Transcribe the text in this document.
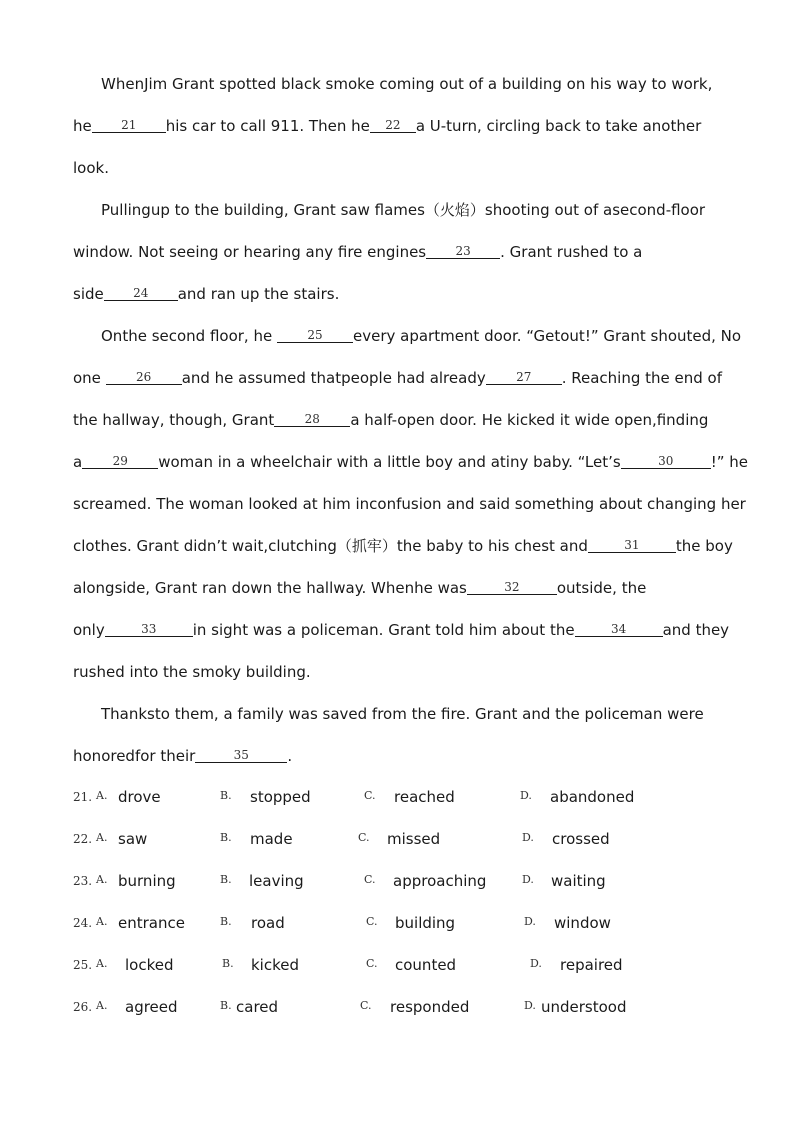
WhenJim Grant spotted black smoke coming out of a building on his way to work,
he 21 his car to call 911. Then he 22 a U-turn, circling back to take another
look.
Pullingup to the building, Grant saw flames（火焰）shooting out of asecond-floor
window. Not seeing or hearing any fire engines 23 . Grant rushed to a
side 24 and ran up the stairs.
Onthe second floor, he	25 every apartment door. “Getout!” Grant shouted, No
one	26 and he assumed thatpeople had already	27 . Reaching the end of
the hallway, though, Grant	28 a half-open door. He kicked it wide open,finding
a	29 woman in a wheelchair with a little boy and atiny baby. “Let’s	30 !” he
screamed. The woman looked at him inconfusion and said something about changing her
clothes. Grant didn’t wait,clutching（抓牢）the baby to his chest and	31 the boy
alongside, Grant ran down the hallway. Whenhe was	32 outside, the
only	33 in sight was a policeman. Grant told him about the	34 and they
rushed into the smoky building.
Thanksto them, a family was saved from the fire. Grant and the policeman were
honoredfor their	35	.
21. A. drove	B. stopped	C. reached	D. abandoned
22. A. saw	B. made	C. missed	D. crossed
23. A. burning	B. leaving	C. approaching	D. waiting
24. A. entrance	B. road	C. building	D. window
25. A. locked	B. kicked	C. counted	D. repaired
26. A. agreed	B. cared	C. responded	D. understood
